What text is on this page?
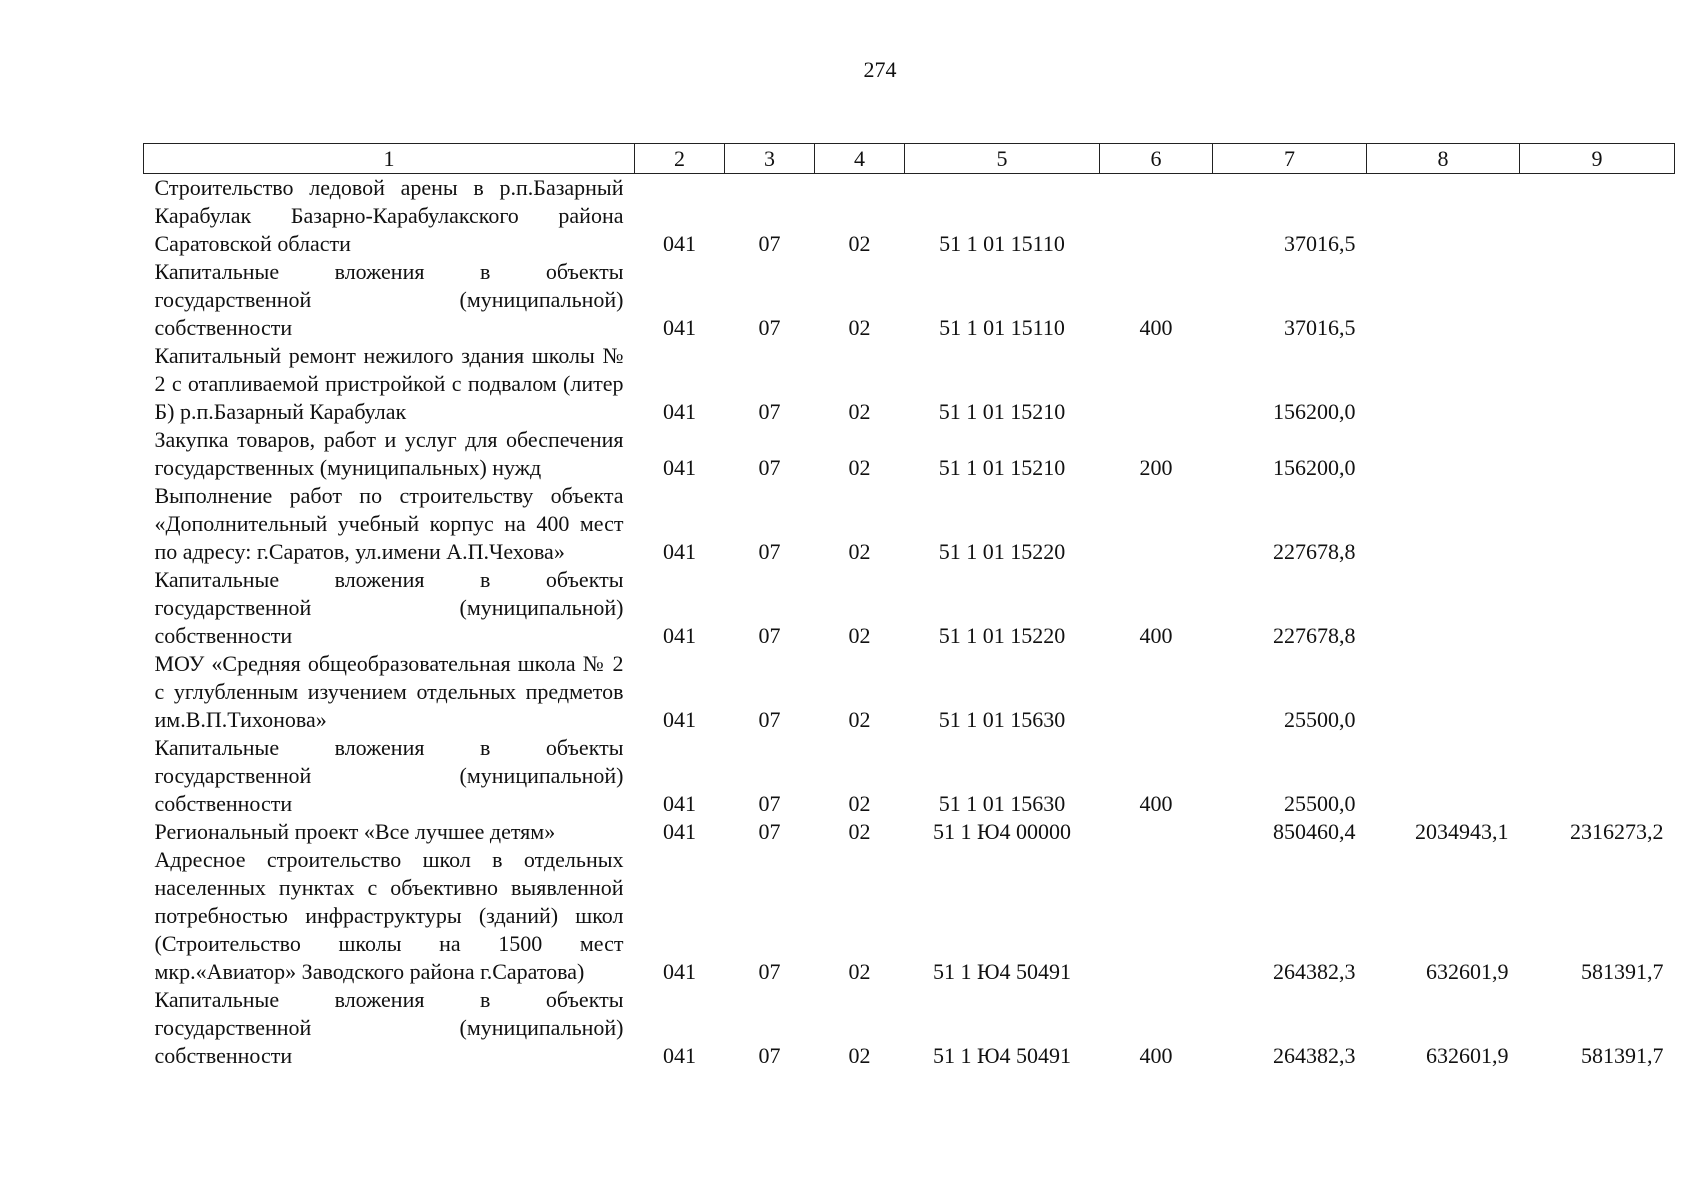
274
1	2	3	4	5	6	7	8	9
Строительство ледовой арены в р.п.Базарный Карабулак Базарно-Карабулакского района Саратовской области	041	07	02	51 1 01 15110		37016,5		
Капитальные вложения в объекты государственной (муниципальной) собственности	041	07	02	51 1 01 15110	400	37016,5		
Капитальный ремонт нежилого здания школы № 2 с отапливаемой пристройкой с подвалом (литер Б) р.п.Базарный Карабулак	041	07	02	51 1 01 15210		156200,0		
Закупка товаров, работ и услуг для обеспечения государственных (муниципальных) нужд	041	07	02	51 1 01 15210	200	156200,0		
Выполнение работ по строительству объекта «Дополнительный учебный корпус на 400 мест по адресу: г.Саратов, ул.имени А.П.Чехова»	041	07	02	51 1 01 15220		227678,8		
Капитальные вложения в объекты государственной (муниципальной) собственности	041	07	02	51 1 01 15220	400	227678,8		
МОУ «Средняя общеобразовательная школа № 2 с углубленным изучением отдельных предметов им.В.П.Тихонова»	041	07	02	51 1 01 15630		25500,0		
Капитальные вложения в объекты государственной (муниципальной) собственности	041	07	02	51 1 01 15630	400	25500,0		
Региональный проект «Все лучшее детям»	041	07	02	51 1 Ю4 00000		850460,4	2034943,1	2316273,2
Адресное строительство школ в отдельных населенных пунктах с объективно выявленной потребностью инфраструктуры (зданий) школ (Строительство школы на 1500 мест мкр.«Авиатор» Заводского района г.Саратова)	041	07	02	51 1 Ю4 50491		264382,3	632601,9	581391,7
Капитальные вложения в объекты государственной (муниципальной) собственности	041	07	02	51 1 Ю4 50491	400	264382,3	632601,9	581391,7
